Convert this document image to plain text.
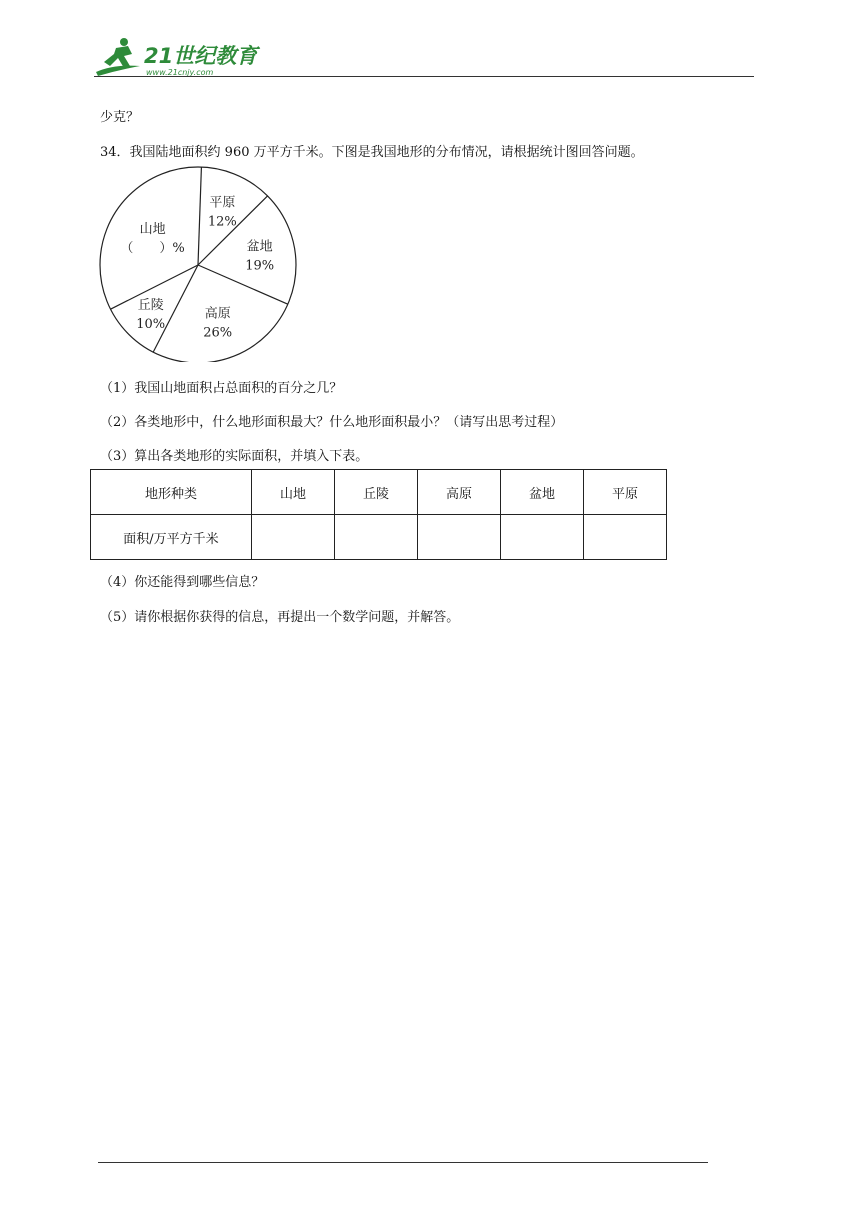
21世纪教育
www.21cnjy.com
少克？
34．我国陆地面积约 960 万平方千米。下图是我国地形的分布情况，请根据统计图回答问题。
平原
12%
盆地
19%
高原
26%
丘陵
10%
山地
（　　）%
（1）我国山地面积占总面积的百分之几？
（2）各类地形中，什么地形面积最大？什么地形面积最小？（请写出思考过程）
（3）算出各类地形的实际面积，并填入下表。
地形种类	山地	丘陵	高原	盆地	平原
面积/万平方千米					
（4）你还能得到哪些信息？
（5）请你根据你获得的信息，再提出一个数学问题，并解答。
